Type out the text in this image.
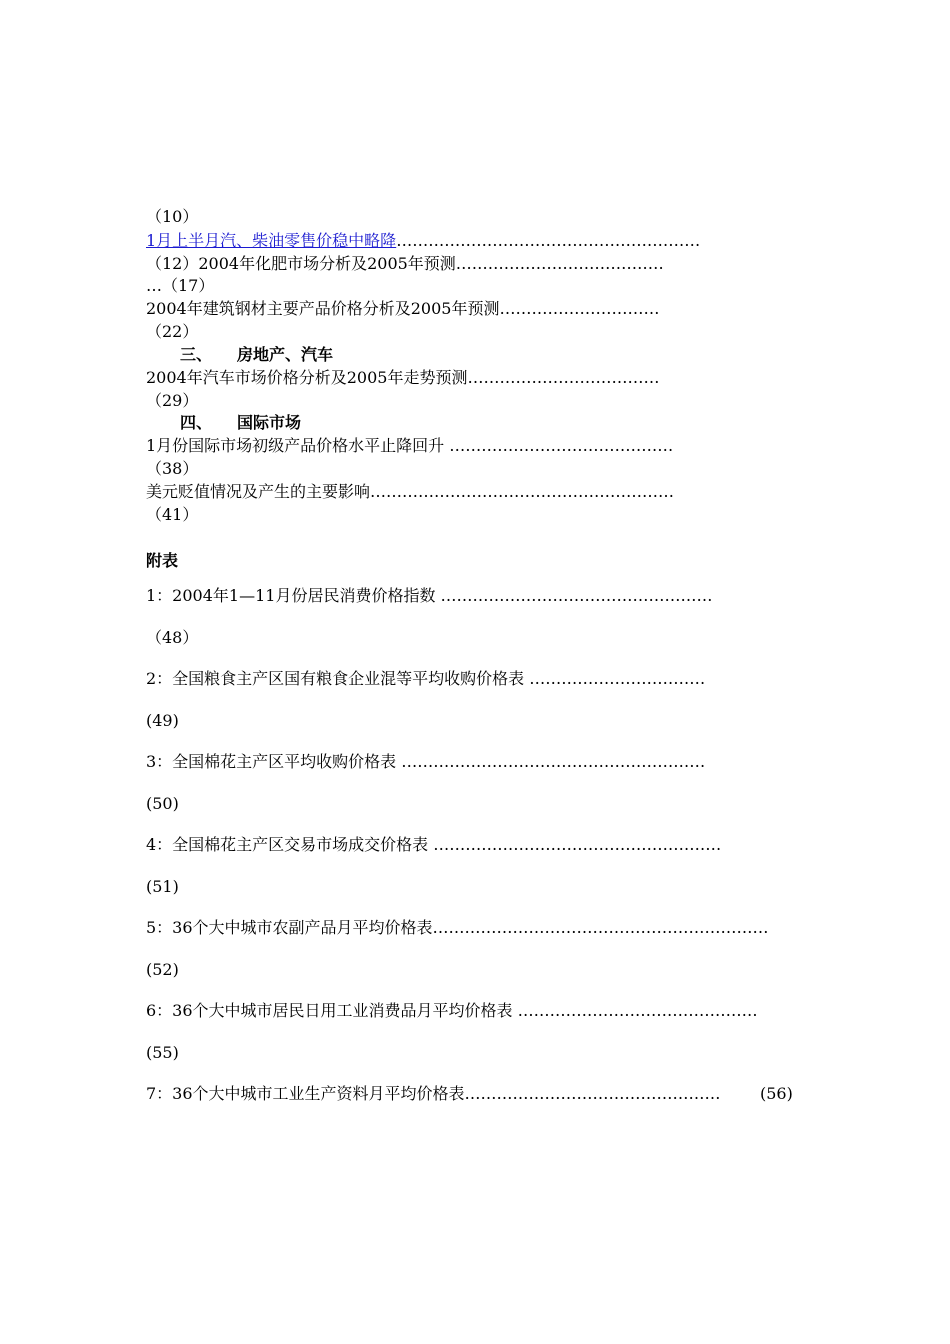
（10）
1月上半月汽、柴油零售价稳中略降…………………………………………………
（12）2004年化肥市场分析及2005年预测…………………………………
…（17）
2004年建筑钢材主要产品价格分析及2005年预测…………………………
（22）
三、 房地产、汽车
2004年汽车市场价格分析及2005年走势预测………………………………
（29）
四、 国际市场
1月份国际市场初级产品价格水平止降回升 ……………………………………
（38）
美元贬值情况及产生的主要影响…………………………………………………
（41）
附表
1：2004年1—11月份居民消费价格指数 ……………………………………………
（48）
2：全国粮食主产区国有粮食企业混等平均收购价格表 ……………………………
(49)
3：全国棉花主产区平均收购价格表 …………………………………………………
(50)
4：全国棉花主产区交易市场成交价格表 ………………………………………………
(51)
5：36个大中城市农副产品月平均价格表………………………………………………………
(52)
6：36个大中城市居民日用工业消费品月平均价格表 ………………………………………
(55)
7：36个大中城市工业生产资料月平均价格表…………………………………………	(56)
